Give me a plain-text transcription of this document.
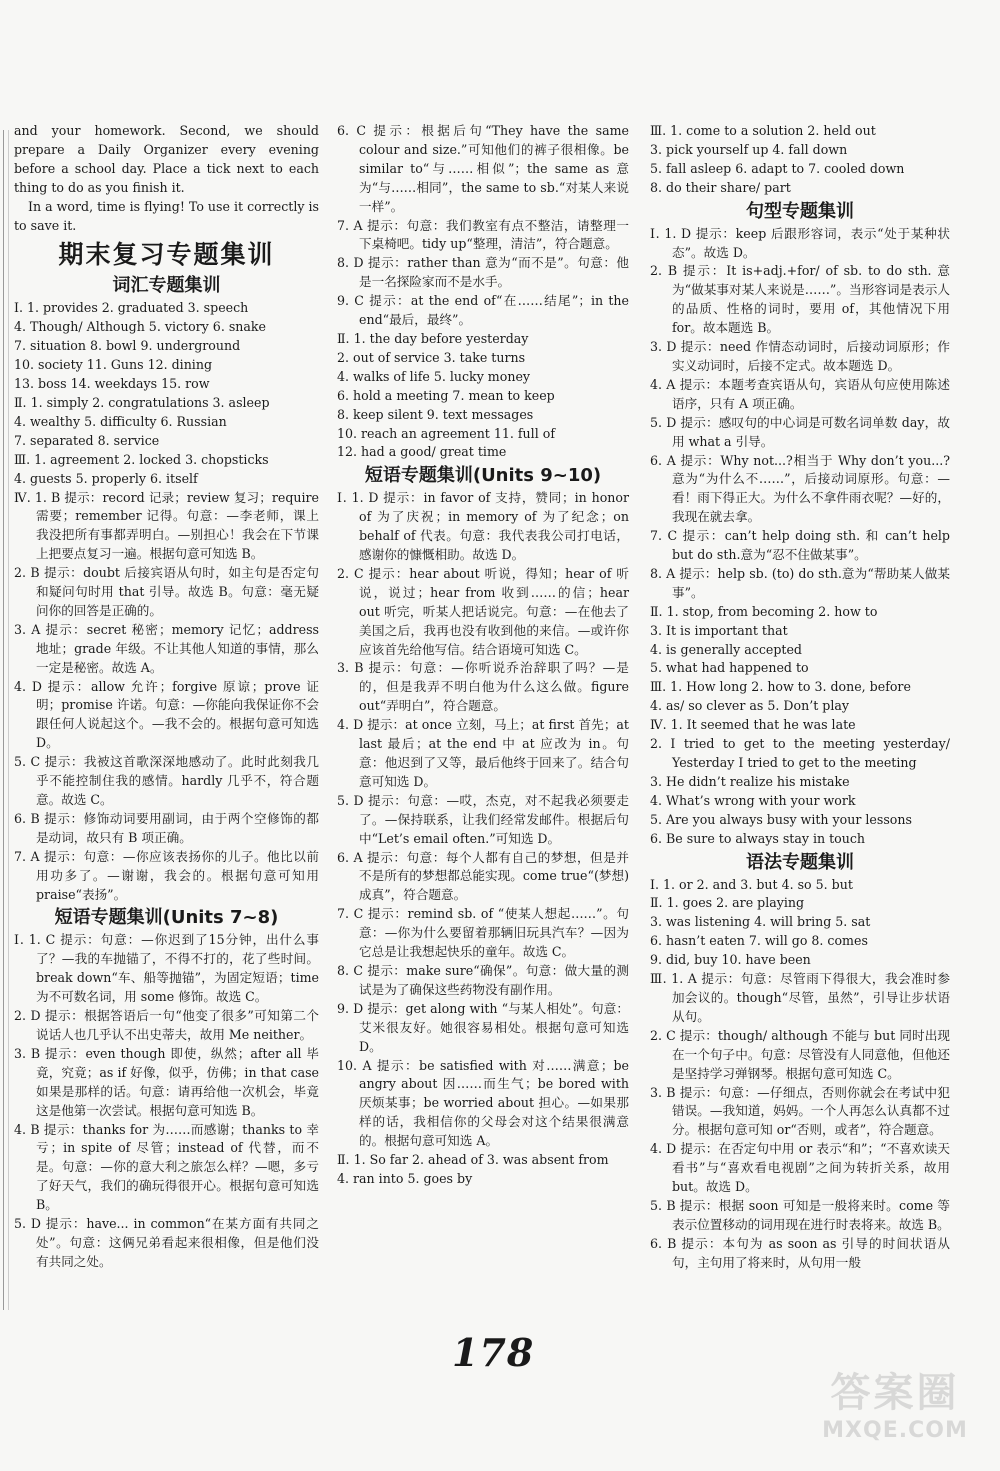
and your homework. Second, we should prepare a Daily Organizer every evening before a school day. Place a tick next to each thing to do as you finish it.

In a word, time is flying! To use it correctly is to save it.

期末复习专题集训
词汇专题集训

Ⅰ. 1. provides 2. graduated 3. speech

4. Though/ Although 5. victory 6. snake

7. situation 8. bowl 9. underground

10. society 11. Guns 12. dining

13. boss 14. weekdays 15. row

Ⅱ. 1. simply 2. congratulations 3. asleep

4. wealthy 5. difficulty 6. Russian

7. separated 8. service

Ⅲ. 1. agreement 2. locked 3. chopsticks

4. guests 5. properly 6. itself

Ⅳ. 1. B 提示：record 记录；review 复习；require 需要；remember 记得。句意：—李老师，课上我没把所有事都弄明白。—别担心！我会在下节课上把要点复习一遍。根据句意可知选 B。

2. B 提示：doubt 后接宾语从句时，如主句是否定句和疑问句时用 that 引导。故选 B。句意：毫无疑问你的回答是正确的。

3. A 提示：secret 秘密；memory 记忆；address 地址；grade 年级。不让其他人知道的事情，那么一定是秘密。故选 A。

4. D 提示：allow 允许；forgive 原谅；prove 证明；promise 许诺。句意：—你能向我保证你不会跟任何人说起这个。—我不会的。根据句意可知选 D。

5. C 提示：我被这首歌深深地感动了。此时此刻我几乎不能控制住我的感情。hardly 几乎不，符合题意。故选 C。

6. B 提示：修饰动词要用副词，由于两个空修饰的都是动词，故只有 B 项正确。

7. A 提示：句意：—你应该表扬你的儿子。他比以前用功多了。—谢谢，我会的。根据句意可知用 praise“表扬”。

短语专题集训(Units 7~8)

Ⅰ. 1. C 提示：句意：—你迟到了15分钟，出什么事了？—我的车抛锚了，不得不打的，花了些时间。break down“车、船等抛锚”，为固定短语；time 为不可数名词，用 some 修饰。故选 C。

2. D 提示：根据答语后一句“他变了很多”可知第二个说话人也几乎认不出史蒂夫，故用 Me neither。

3. B 提示：even though 即使，纵然；after all 毕竟，究竟；as if 好像，似乎，仿佛；in that case 如果是那样的话。句意：请再给他一次机会，毕竟这是他第一次尝试。根据句意可知选 B。

4. B 提示：thanks for 为……而感谢；thanks to 幸亏；in spite of 尽管；instead of 代替，而不是。句意：—你的意大利之旅怎么样？—嗯，多亏了好天气，我们的确玩得很开心。根据句意可知选 B。

5. D 提示：have... in common“在某方面有共同之处”。句意：这俩兄弟看起来很相像，但是他们没有共同之处。

6. C 提示：根据后句“They have the same colour and size.”可知他们的裤子很相像。be similar to“与……相似”；the same as 意为“与……相同”，the same to sb.“对某人来说一样”。

7. A 提示：句意：我们教室有点不整洁，请整理一下桌椅吧。tidy up“整理，清洁”，符合题意。

8. D 提示：rather than 意为“而不是”。句意：他是一名探险家而不是水手。

9. C 提示：at the end of“在……结尾”；in the end“最后，最终”。

Ⅱ. 1. the day before yesterday

2. out of service 3. take turns

4. walks of life 5. lucky money

6. hold a meeting 7. mean to keep

8. keep silent 9. text messages

10. reach an agreement 11. full of

12. had a good/ great time

短语专题集训(Units 9~10)

Ⅰ. 1. D 提示：in favor of 支持，赞同；in honor of 为了庆祝；in memory of 为了纪念；on behalf of 代表。句意：我代表我公司打电话，感谢你的慷慨相助。故选 D。

2. C 提示：hear about 听说，得知；hear of 听说，说过；hear from 收到……的信；hear out 听完，听某人把话说完。句意：—在他去了美国之后，我再也没有收到他的来信。—或许你应该首先给他写信。结合语境可知选 C。

3. B 提示：句意：—你听说乔治辞职了吗？—是的，但是我弄不明白他为什么这么做。figure out“弄明白”，符合题意。

4. D 提示：at once 立刻，马上；at first 首先；at last 最后；at the end 中 at 应改为 in。句意：他迟到了又等，最后他终于回来了。结合句意可知选 D。

5. D 提示：句意：—哎，杰克，对不起我必须要走了。—保持联系，让我们经常发邮件。根据后句中“Let’s email often.”可知选 D。

6. A 提示：句意：每个人都有自己的梦想，但是并不是所有的梦想都总能实现。come true“(梦想)成真”，符合题意。

7. C 提示：remind sb. of “使某人想起……”。句意：—你为什么要留着那辆旧玩具汽车？—因为它总是让我想起快乐的童年。故选 C。

8. C 提示：make sure“确保”。句意：做大量的测试是为了确保这些药物没有副作用。

9. D 提示：get along with “与某人相处”。句意：艾米很友好。她很容易相处。根据句意可知选 D。

10. A 提示：be satisfied with 对……满意；be angry about 因……而生气；be bored with 厌烦某事；be worried about 担心。—如果那样的话，我相信你的父母会对这个结果很满意的。根据句意可知选 A。

Ⅱ. 1. So far 2. ahead of 3. was absent from

4. ran into 5. goes by

Ⅲ. 1. come to a solution 2. held out

3. pick yourself up 4. fall down

5. fall asleep 6. adapt to 7. cooled down

8. do their share/ part

句型专题集训

Ⅰ. 1. D 提示：keep 后跟形容词，表示“处于某种状态”。故选 D。

2. B 提示：It is+adj.+for/ of sb. to do sth. 意为“做某事对某人来说是……”。当形容词是表示人的品质、性格的词时，要用 of，其他情况下用 for。故本题选 B。

3. D 提示：need 作情态动词时，后接动词原形；作实义动词时，后接不定式。故本题选 D。

4. A 提示：本题考查宾语从句，宾语从句应使用陈述语序，只有 A 项正确。

5. D 提示：感叹句的中心词是可数名词单数 day，故用 what a 引导。

6. A 提示：Why not...?相当于 Why don’t you...?意为“为什么不……”，后接动词原形。句意：—看！雨下得正大。为什么不拿件雨衣呢？—好的，我现在就去拿。

7. C 提示：can’t help doing sth. 和 can’t help but do sth.意为“忍不住做某事”。

8. A 提示：help sb. (to) do sth.意为“帮助某人做某事”。

Ⅱ. 1. stop, from becoming 2. how to

3. It is important that

4. is generally accepted

5. what had happened to

Ⅲ. 1. How long 2. how to 3. done, before

4. as/ so clever as 5. Don’t play

Ⅳ. 1. It seemed that he was late

2. I tried to get to the meeting yesterday/ Yesterday I tried to get to the meeting

3. He didn’t realize his mistake

4. What’s wrong with your work

5. Are you always busy with your lessons

6. Be sure to always stay in touch

语法专题集训

Ⅰ. 1. or 2. and 3. but 4. so 5. but

Ⅱ. 1. goes 2. are playing

3. was listening 4. will bring 5. sat

6. hasn’t eaten 7. will go 8. comes

9. did, buy 10. have been

Ⅲ. 1. A 提示：句意：尽管雨下得很大，我会准时参加会议的。though“尽管，虽然”，引导让步状语从句。

2. C 提示：though/ although 不能与 but 同时出现在一个句子中。句意：尽管没有人同意他，但他还是坚持学习弹钢琴。根据句意可知选 C。

3. B 提示：句意：—仔细点，否则你就会在考试中犯错误。—我知道，妈妈。一个人再怎么认真都不过分。根据句意可知 or“否则，或者”，符合题意。

4. D 提示：在否定句中用 or 表示“和”；“不喜欢读天看书”与“喜欢看电视剧”之间为转折关系，故用 but。故选 D。

5. B 提示：根据 soon 可知是一般将来时。come 等表示位置移动的词用现在进行时表将来。故选 B。

6. B 提示：本句为 as soon as 引导的时间状语从句，主句用了将来时，从句用一般

178
答案圈
MXQE.COM
